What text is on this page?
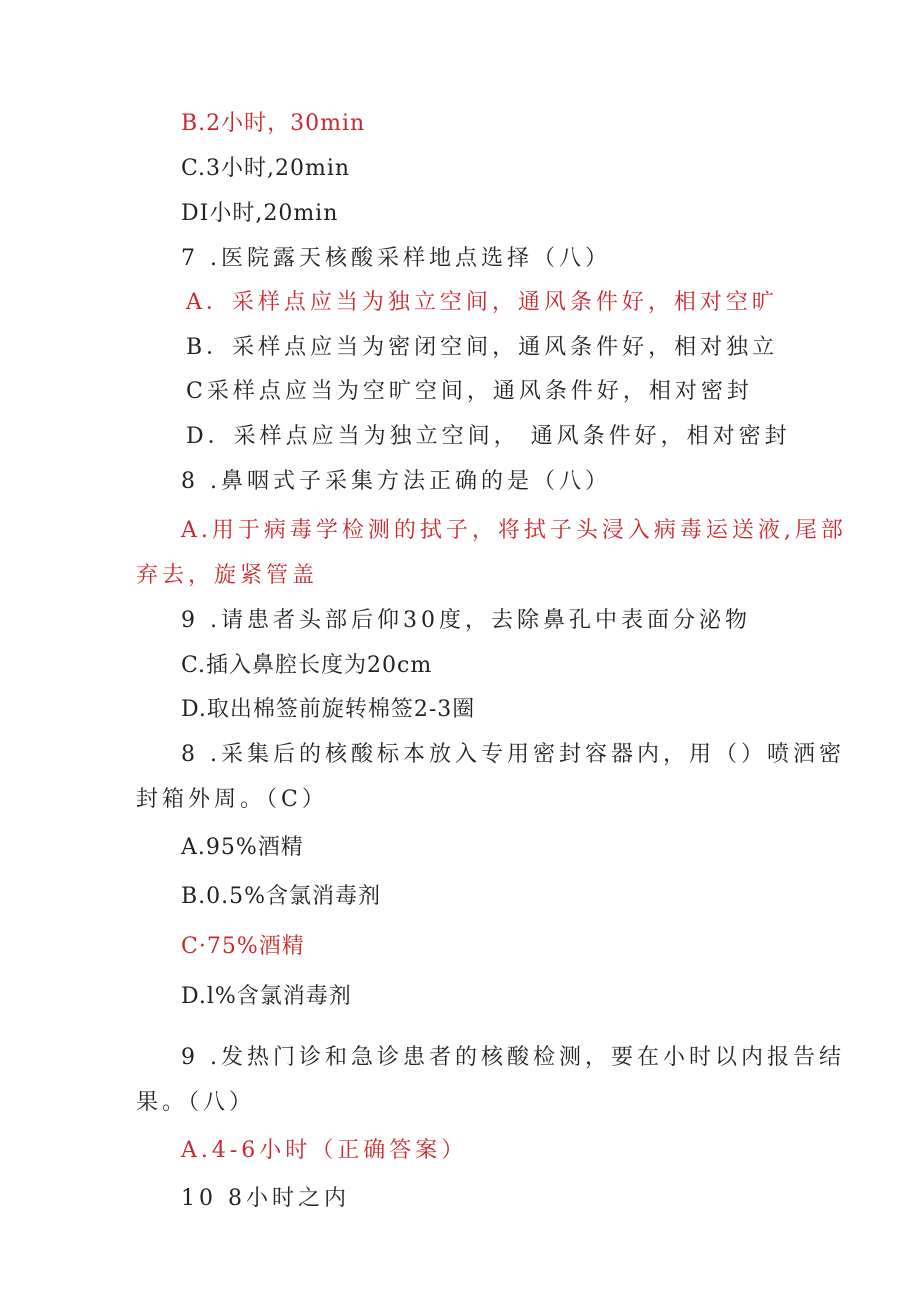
B.2小时，30min
C.3小时,20min
DI小时,20min
7 .医院露天核酸采样地点选择（八）
A．采样点应当为独立空间，通风条件好，相对空旷
B．采样点应当为密闭空间，通风条件好，相对独立
C采样点应当为空旷空间，通风条件好，相对密封
D．采样点应当为独立空间， 通风条件好，相对密封
8 .鼻咽式子采集方法正确的是（八）
A.用于病毒学检测的拭子，将拭子头浸入病毒运送液,尾部
弃去，旋紧管盖
9 .请患者头部后仰30度，去除鼻孔中表面分泌物
C.插入鼻腔长度为20cm
D.取出棉签前旋转棉签2-3圈
8 .采集后的核酸标本放入专用密封容器内，用（）喷洒密
封箱外周。（C）
A.95%酒精
B.0.5%含氯消毒剂
C·75%酒精
D.l%含氯消毒剂
9 .发热门诊和急诊患者的核酸检测，要在小时以内报告结
果。（八）
A.4-6小时（正确答案）
10 8小时之内
